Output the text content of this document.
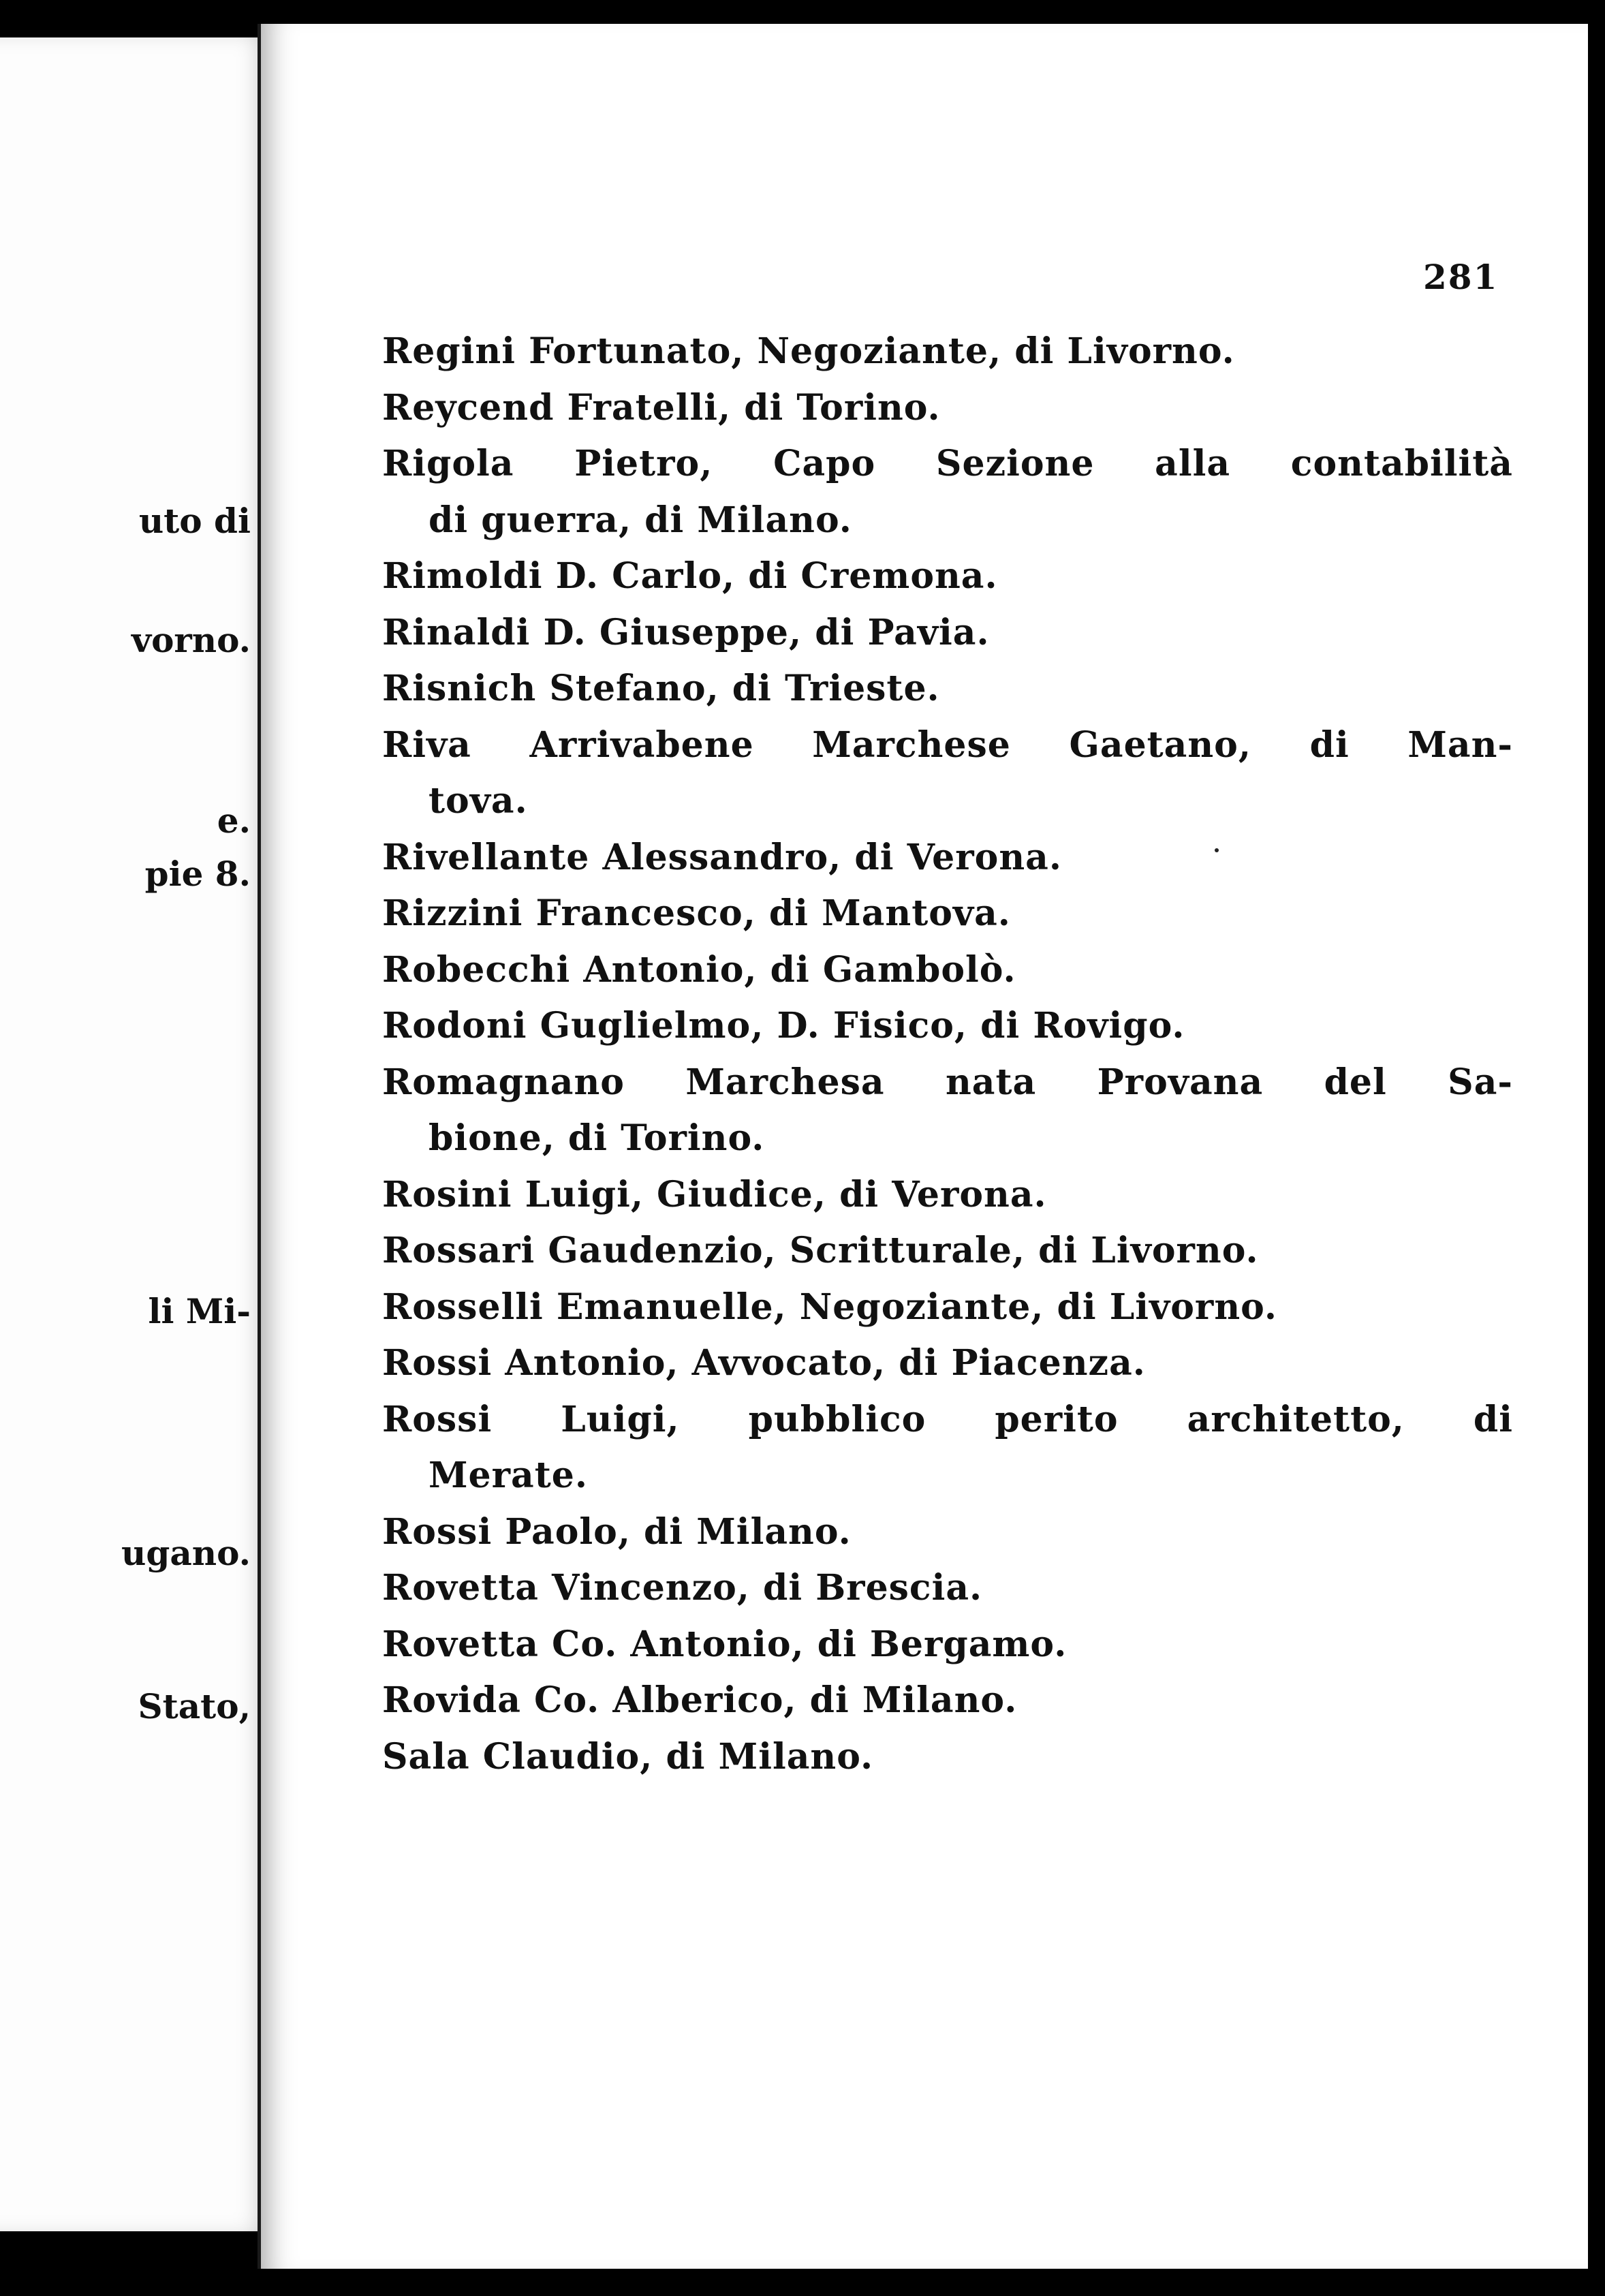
uto di
vorno.
e.
pie 8.
li Mi-
ugano.
Stato,
281
Regini Fortunato, Negoziante, di Livorno.
Reycend Fratelli, di Torino.
Rigola Pietro, Capo Sezione alla contabilità
di guerra, di Milano.
Rimoldi D. Carlo, di Cremona.
Rinaldi D. Giuseppe, di Pavia.
Risnich Stefano, di Trieste.
Riva Arrivabene Marchese Gaetano, di Man-
tova.
Rivellante Alessandro, di Verona.
Rizzini Francesco, di Mantova.
Robecchi Antonio, di Gambolò.
Rodoni Guglielmo, D. Fisico, di Rovigo.
Romagnano Marchesa nata Provana del Sa-
bione, di Torino.
Rosini Luigi, Giudice, di Verona.
Rossari Gaudenzio, Scritturale, di Livorno.
Rosselli Emanuelle, Negoziante, di Livorno.
Rossi Antonio, Avvocato, di Piacenza.
Rossi Luigi, pubblico perito architetto, di
Merate.
Rossi Paolo, di Milano.
Rovetta Vincenzo, di Brescia.
Rovetta Co. Antonio, di Bergamo.
Rovida Co. Alberico, di Milano.
Sala Claudio, di Milano.
